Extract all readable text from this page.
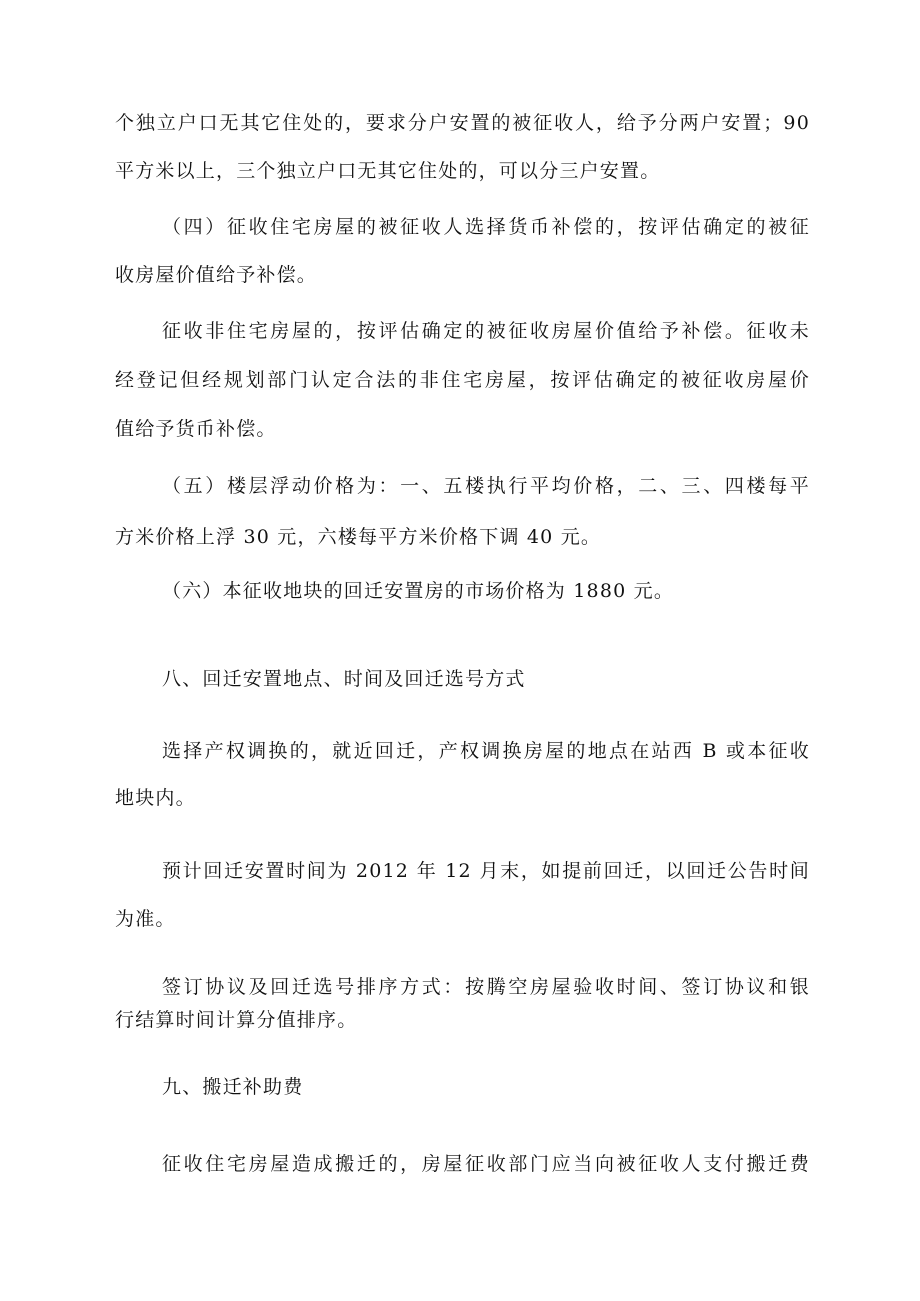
个独立户口无其它住处的，要求分户安置的被征收人，给予分两户安置；90
平方米以上，三个独立户口无其它住处的，可以分三户安置。
（四）征收住宅房屋的被征收人选择货币补偿的，按评估确定的被征
收房屋价值给予补偿。
征收非住宅房屋的，按评估确定的被征收房屋价值给予补偿。征收未
经登记但经规划部门认定合法的非住宅房屋，按评估确定的被征收房屋价
值给予货币补偿。
（五）楼层浮动价格为：一、五楼执行平均价格，二、三、四楼每平
方米价格上浮 30 元，六楼每平方米价格下调 40 元。
（六）本征收地块的回迁安置房的市场价格为 1880 元。
八、回迁安置地点、时间及回迁选号方式
选择产权调换的，就近回迁，产权调换房屋的地点在站西 B 或本征收
地块内。
预计回迁安置时间为 2012 年 12 月末，如提前回迁，以回迁公告时间
为准。
签订协议及回迁选号排序方式：按腾空房屋验收时间、签订协议和银
行结算时间计算分值排序。
九、搬迁补助费
征收住宅房屋造成搬迁的，房屋征收部门应当向被征收人支付搬迁费
